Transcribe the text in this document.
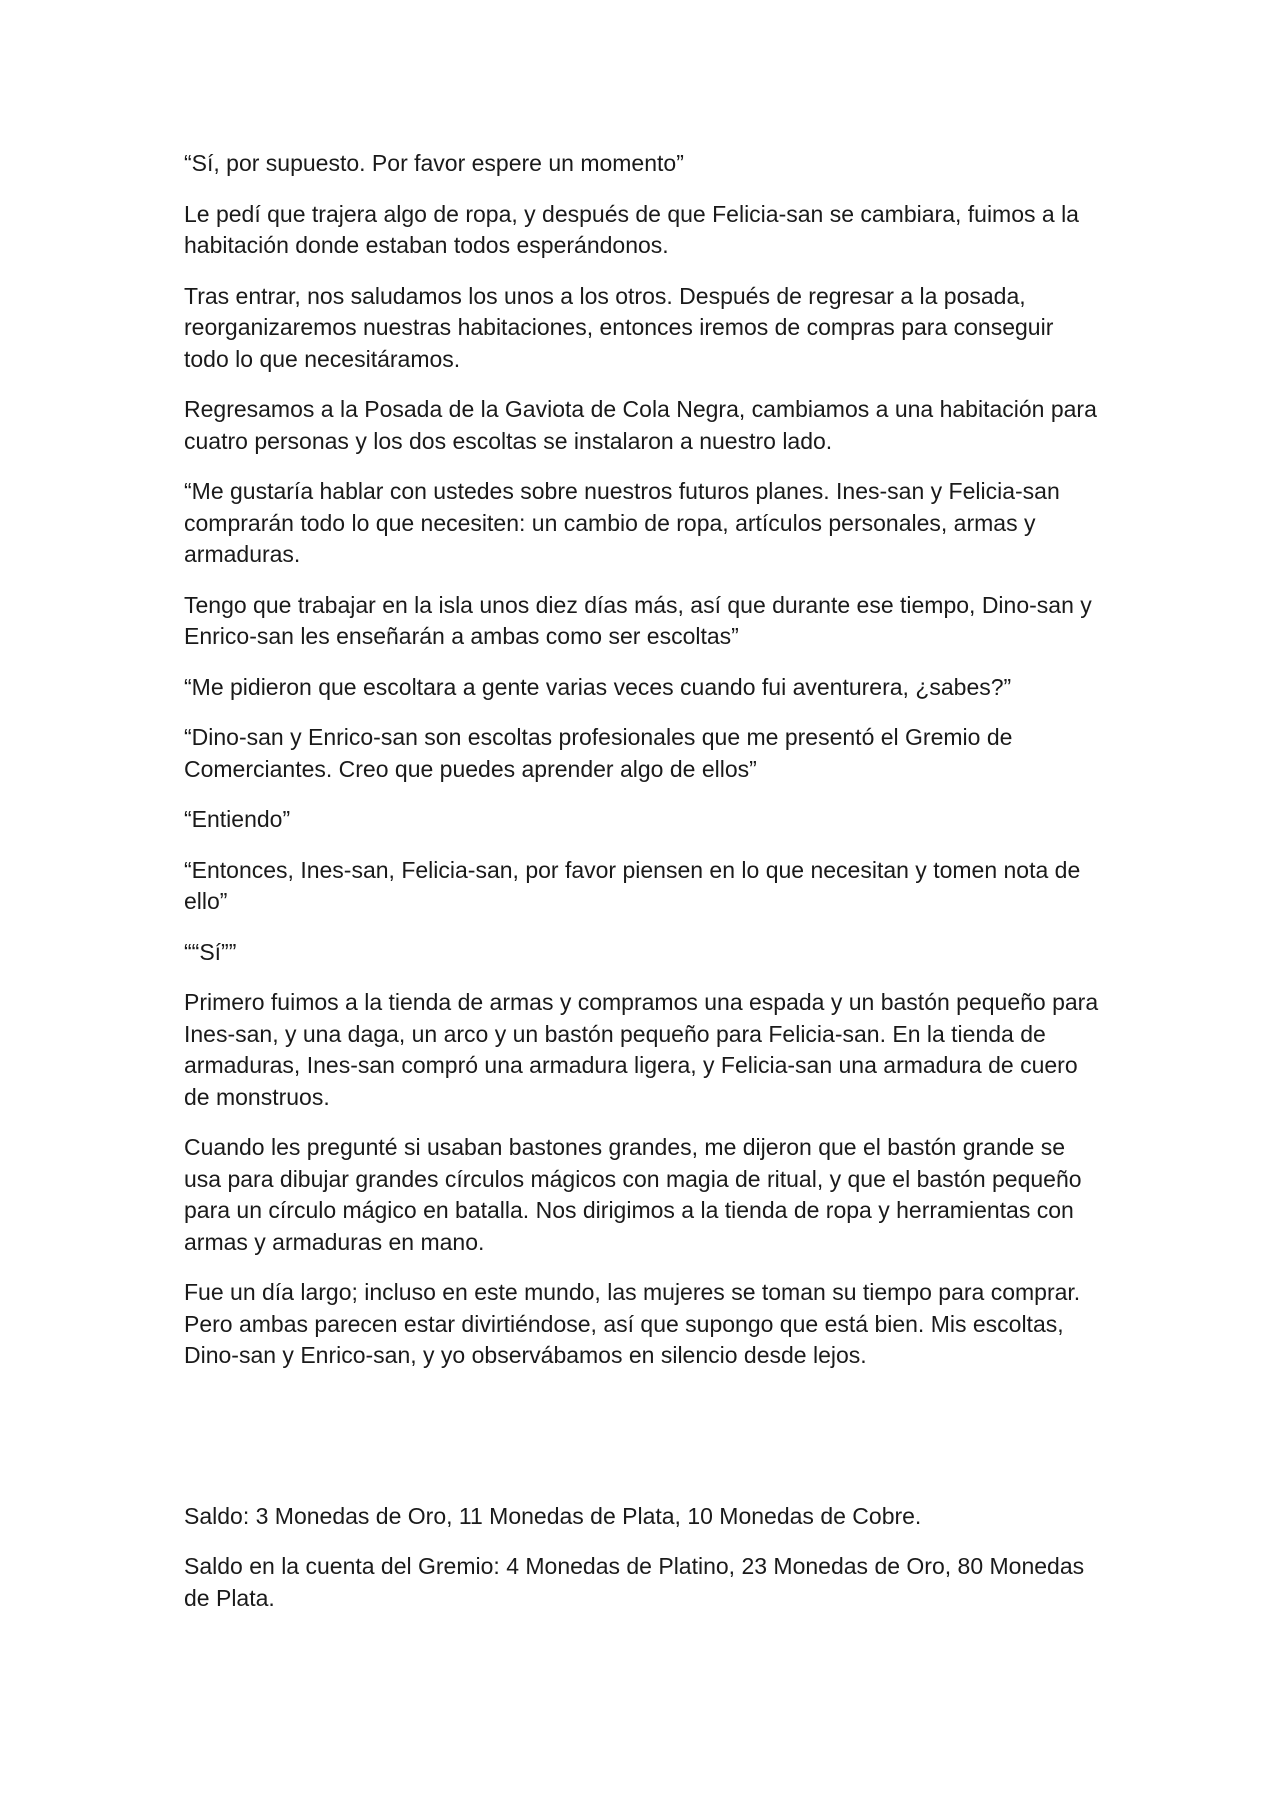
“Sí, por supuesto. Por favor espere un momento”

Le pedí que trajera algo de ropa, y después de que Felicia-san se cambiara, fuimos a la habitación donde estaban todos esperándonos.

Tras entrar, nos saludamos los unos a los otros. Después de regresar a la posada, reorganizaremos nuestras habitaciones, entonces iremos de compras para conseguir todo lo que necesitáramos.

Regresamos a la Posada de la Gaviota de Cola Negra, cambiamos a una habitación para cuatro personas y los dos escoltas se instalaron a nuestro lado.

“Me gustaría hablar con ustedes sobre nuestros futuros planes. Ines-san y Felicia-san comprarán todo lo que necesiten: un cambio de ropa, artículos personales, armas y armaduras.

Tengo que trabajar en la isla unos diez días más, así que durante ese tiempo, Dino-san y Enrico-san les enseñarán a ambas como ser escoltas”

“Me pidieron que escoltara a gente varias veces cuando fui aventurera, ¿sabes?”

“Dino-san y Enrico-san son escoltas profesionales que me presentó el Gremio de Comerciantes. Creo que puedes aprender algo de ellos”

“Entiendo”

“Entonces, Ines-san, Felicia-san, por favor piensen en lo que necesitan y tomen nota de ello”

““Sí””

Primero fuimos a la tienda de armas y compramos una espada y un bastón pequeño para Ines-san, y una daga, un arco y un bastón pequeño para Felicia-san. En la tienda de armaduras, Ines-san compró una armadura ligera, y Felicia-san una armadura de cuero de monstruos.

Cuando les pregunté si usaban bastones grandes, me dijeron que el bastón grande se usa para dibujar grandes círculos mágicos con magia de ritual, y que el bastón pequeño para un círculo mágico en batalla. Nos dirigimos a la tienda de ropa y herramientas con armas y armaduras en mano.

Fue un día largo; incluso en este mundo, las mujeres se toman su tiempo para comprar. Pero ambas parecen estar divirtiéndose, así que supongo que está bien. Mis escoltas, Dino-san y Enrico-san, y yo observábamos en silencio desde lejos.

Saldo: 3 Monedas de Oro, 11 Monedas de Plata, 10 Monedas de Cobre.

Saldo en la cuenta del Gremio: 4 Monedas de Platino, 23 Monedas de Oro, 80 Monedas de Plata.
